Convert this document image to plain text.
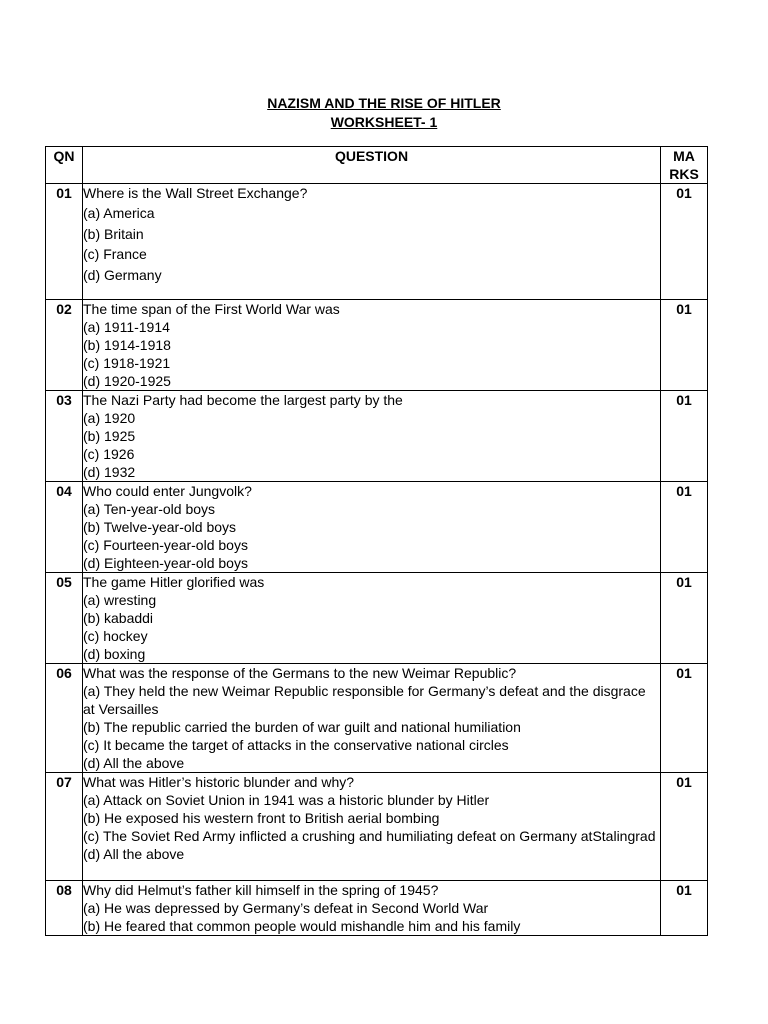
NAZISM AND THE RISE OF HITLER
WORKSHEET- 1
QN	QUESTION	MA
RKS

01	Where is the Wall Street Exchange?
(a) America
(b) Britain
(c) France
(d) Germany	01
02	The time span of the First World War was
(a) 1911-1914
(b) 1914-1918
(c) 1918-1921
(d) 1920-1925	01
03	The Nazi Party had become the largest party by the
(a) 1920
(b) 1925
(c) 1926
(d) 1932	01
04	Who could enter Jungvolk?
(a) Ten-year-old boys
(b) Twelve-year-old boys
(c) Fourteen-year-old boys
(d) Eighteen-year-old boys	01
05	The game Hitler glorified was
(a) wresting
(b) kabaddi
(c) hockey
(d) boxing	01
06	What was the response of the Germans to the new Weimar Republic?
(a) They held the new Weimar Republic responsible for Germany’s defeat and the disgrace at Versailles
(b) The republic carried the burden of war guilt and national humiliation
(c) It became the target of attacks in the conservative national circles
(d) All the above	01
07	What was Hitler’s historic blunder and why?
(a) Attack on Soviet Union in 1941 was a historic blunder by Hitler
(b) He exposed his western front to British aerial bombing
(c) The Soviet Red Army inflicted a crushing and humiliating defeat on Germany atStalingrad
(d) All the above	01
08	Why did Helmut’s father kill himself in the spring of 1945?
(a) He was depressed by Germany’s defeat in Second World War
(b) He feared that common people would mishandle him and his family	01
